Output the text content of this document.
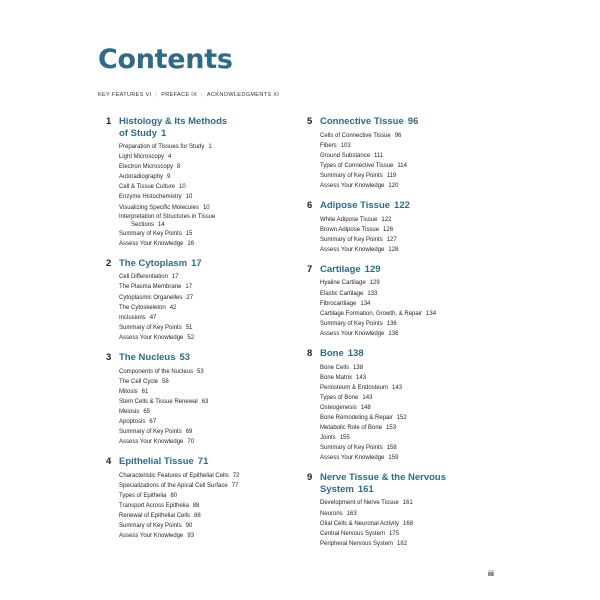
Contents
KEY FEATURES VI | PREFACE IX | ACKNOWLEDGMENTS XI
1 Histology & Its Methods
of Study 1
Preparation of Tissues for Study 1
Light Microscopy 4
Electron Microscopy 8
Autoradiography 9
Cell & Tissue Culture 10
Enzyme Histochemistry 10
Visualizing Specific Molecules 10
Interpretation of Structures in Tissue
Sections 14
Summary of Key Points 15
Assess Your Knowledge 16
2 The Cytoplasm 17
Cell Differentiation 17
The Plasma Membrane 17
Cytoplasmic Organelles 27
The Cytoskeleton 42
Inclusions 47
Summary of Key Points 51
Assess Your Knowledge 52
3 The Nucleus 53
Components of the Nucleus 53
The Cell Cycle 58
Mitosis 61
Stem Cells & Tissue Renewal 63
Meiosis 65
Apoptosis 67
Summary of Key Points 69
Assess Your Knowledge 70
4 Epithelial Tissue 71
Characteristic Features of Epithelial Cells 72
Specializations of the Apical Cell Surface 77
Types of Epithelia 80
Transport Across Epithelia 88
Renewal of Epithelial Cells 88
Summary of Key Points 90
Assess Your Knowledge 93
5 Connective Tissue 96
Cells of Connective Tissue 96
Fibers 103
Ground Substance 111
Types of Connective Tissue 114
Summary of Key Points 119
Assess Your Knowledge 120
6 Adipose Tissue 122
White Adipose Tissue 122
Brown Adipose Tissue 126
Summary of Key Points 127
Assess Your Knowledge 128
7 Cartilage 129
Hyaline Cartilage 129
Elastic Cartilage 133
Fibrocartilage 134
Cartilage Formation, Growth, & Repair 134
Summary of Key Points 136
Assess Your Knowledge 136
8 Bone 138
Bone Cells 138
Bone Matrix 143
Periosteum & Endosteum 143
Types of Bone 143
Osteogenesis 148
Bone Remodeling & Repair 152
Metabolic Role of Bone 153
Joints 155
Summary of Key Points 158
Assess Your Knowledge 159
9 Nerve Tissue & the Nervous
System 161
Development of Nerve Tissue 161
Neurons 163
Glial Cells & Neuronal Activity 168
Central Nervous System 175
Peripheral Nervous System 182
iii
